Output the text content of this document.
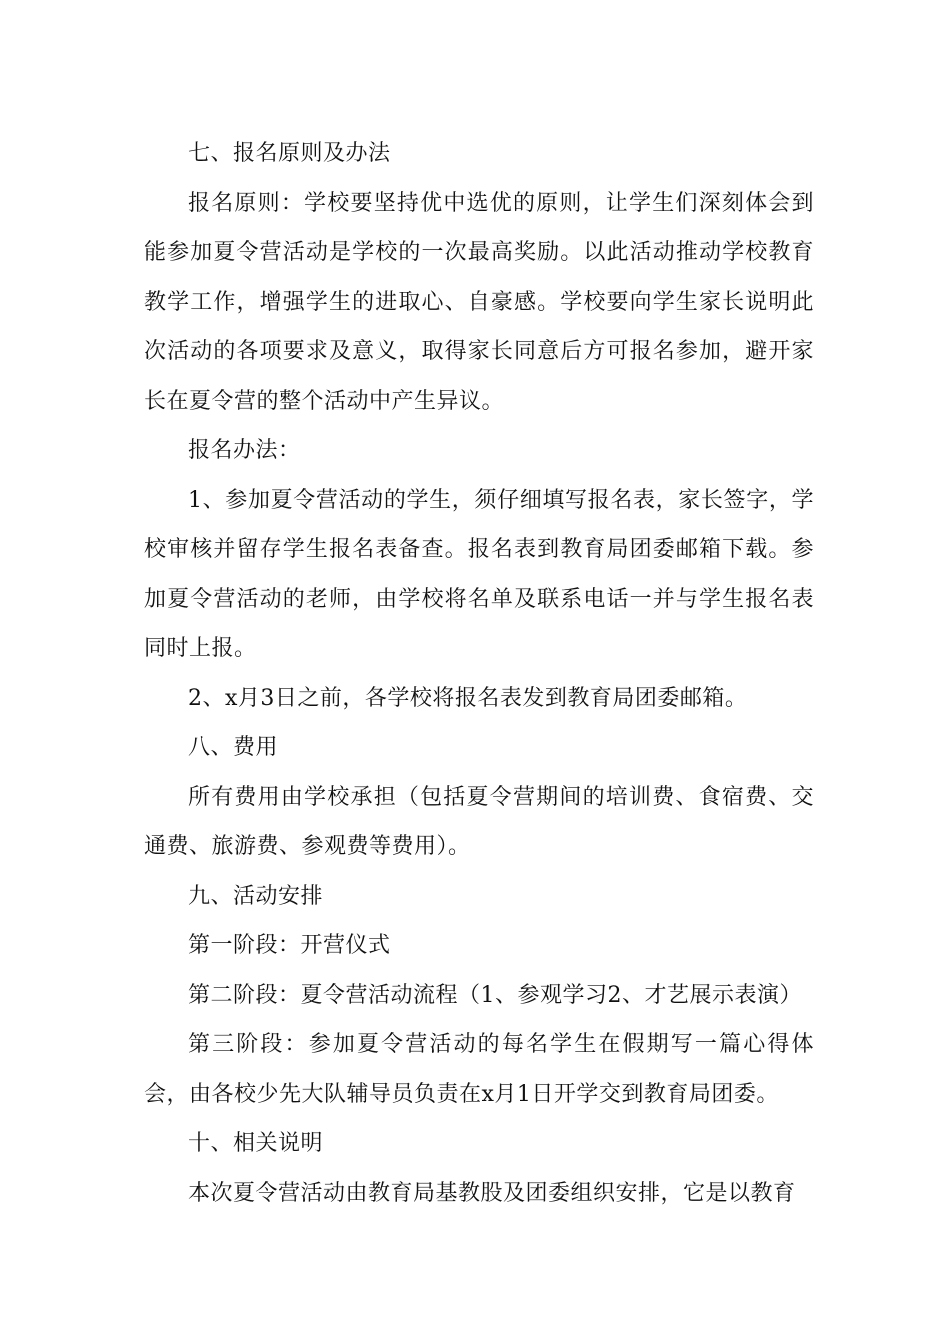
七、报名原则及办法

报名原则：学校要坚持优中选优的原则，让学生们深刻体会到能参加夏令营活动是学校的一次最高奖励。以此活动推动学校教育教学工作，增强学生的进取心、自豪感。学校要向学生家长说明此次活动的各项要求及意义，取得家长同意后方可报名参加，避开家长在夏令营的整个活动中产生异议。

报名办法：

1、参加夏令营活动的学生，须仔细填写报名表，家长签字，学校审核并留存学生报名表备查。报名表到教育局团委邮箱下载。参加夏令营活动的老师，由学校将名单及联系电话一并与学生报名表同时上报。

2、x月3日之前，各学校将报名表发到教育局团委邮箱。

八、费用

所有费用由学校承担（包括夏令营期间的培训费、食宿费、交通费、旅游费、参观费等费用）。

九、活动安排

第一阶段：开营仪式

第二阶段：夏令营活动流程（1、参观学习2、才艺展示表演）

第三阶段：参加夏令营活动的每名学生在假期写一篇心得体会，由各校少先大队辅导员负责在x月1日开学交到教育局团委。

十、相关说明

本次夏令营活动由教育局基教股及团委组织安排，它是以教育
